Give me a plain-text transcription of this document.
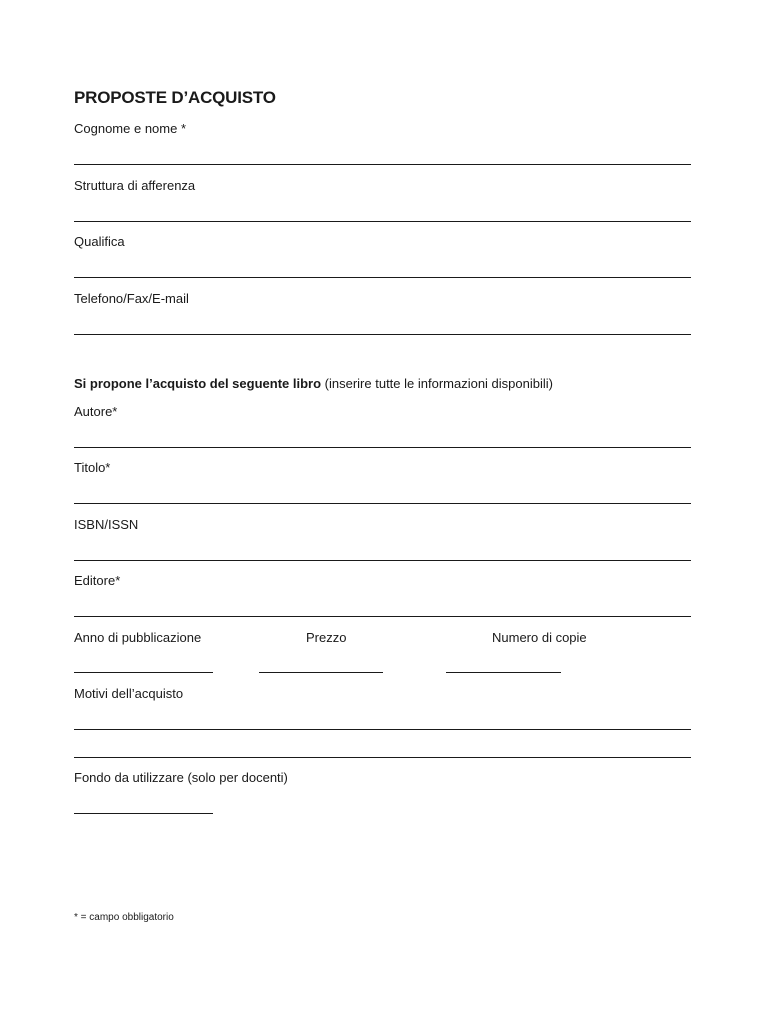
PROPOSTE D’ACQUISTO
Cognome e nome *
Struttura di afferenza
Qualifica
Telefono/Fax/E-mail
Si propone l’acquisto del seguente libro (inserire tutte le informazioni disponibili)
Autore*
Titolo*
ISBN/ISSN
Editore*
Anno di pubblicazione	Prezzo	Numero di copie
Motivi dell’acquisto
Fondo da utilizzare (solo per docenti)
* = campo obbligatorio
